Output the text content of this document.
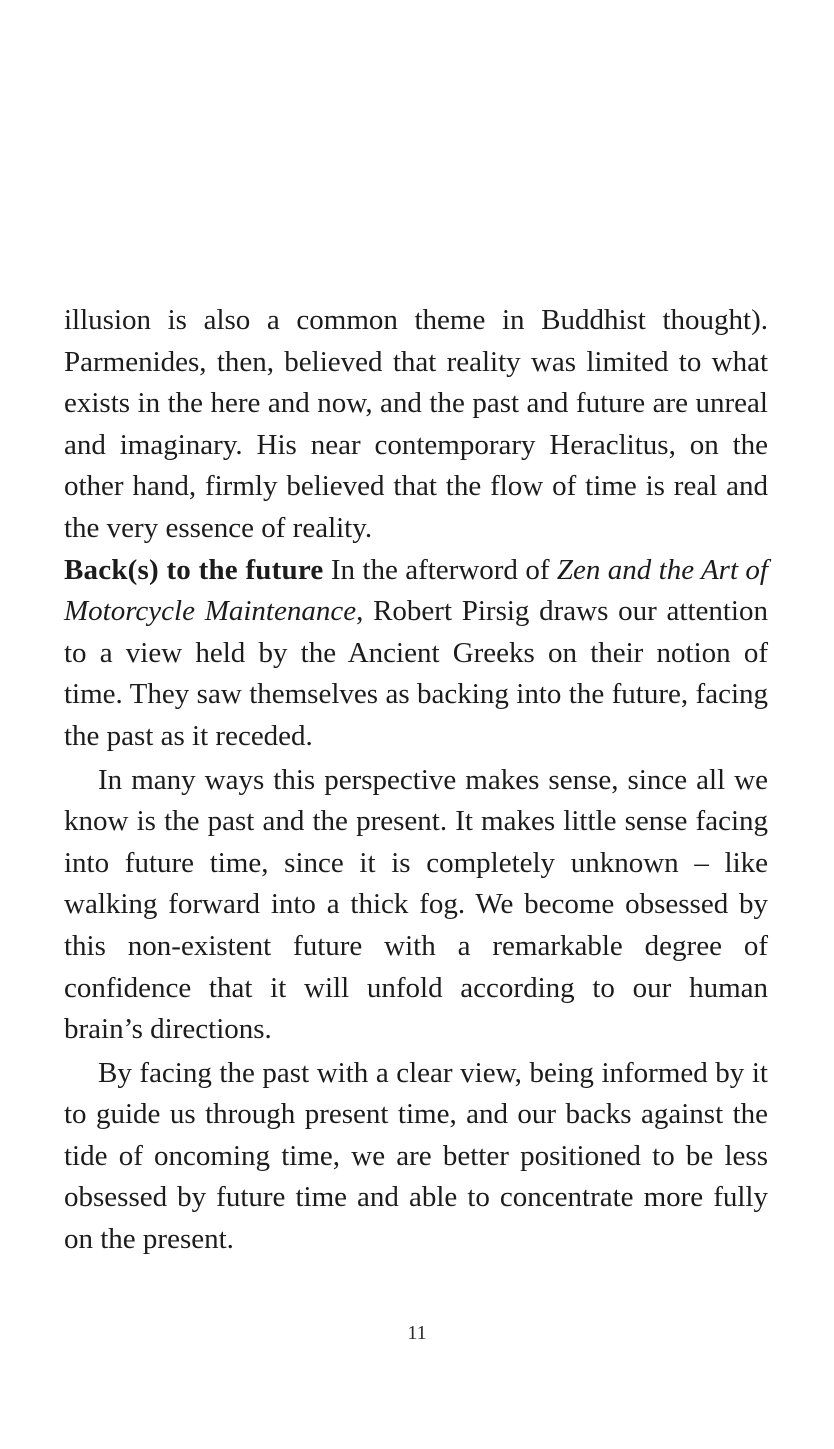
illusion is also a common theme in Buddhist thought). Parmenides, then, believed that reality was limited to what exists in the here and now, and the past and future are unreal and imaginary. His near contemporary Heraclitus, on the other hand, firmly believed that the flow of time is real and the very essence of reality.

Back(s) to the future In the afterword of Zen and the Art of Motorcycle Maintenance, Robert Pirsig draws our attention to a view held by the Ancient Greeks on their notion of time. They saw themselves as backing into the future, facing the past as it receded.

In many ways this perspective makes sense, since all we know is the past and the present. It makes little sense facing into future time, since it is completely unknown – like walking forward into a thick fog. We become obsessed by this non-existent future with a remarkable degree of confidence that it will unfold according to our human brain’s directions.

By facing the past with a clear view, being informed by it to guide us through present time, and our backs against the tide of oncoming time, we are better positioned to be less obsessed by future time and able to concentrate more fully on the present.

11
